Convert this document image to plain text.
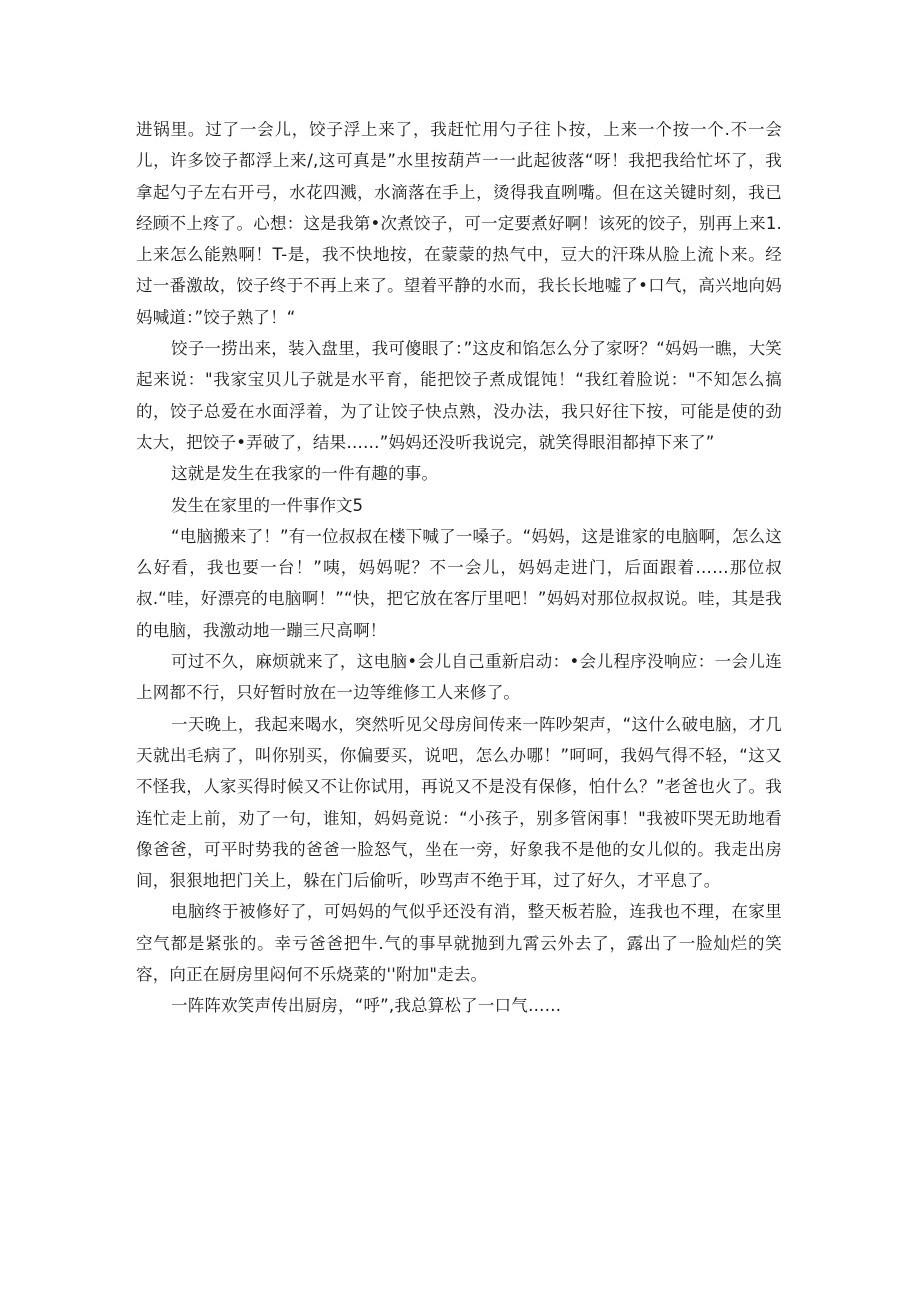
进锅里。过了一会儿，饺子浮上来了，我赶忙用勺子往卜按，上来一个按一个.不一会儿，许多饺子都浮上来/,这可真是”水里按葫芦一一此起彼落“呀！我把我给忙坏了，我拿起勺子左右开弓，水花四溅，水滴落在手上，烫得我直咧嘴。但在这关键时刻，我已经顾不上疼了。心想：这是我第•次煮饺子，可一定要煮好啊！该死的饺子，别再上来1.上来怎么能熟啊！T-是，我不快地按，在蒙蒙的热气中，豆大的汗珠从脸上流卜来。经过一番激故，饺子终于不再上来了。望着平静的水而，我长长地嘘了•口气，高兴地向妈妈喊道：”饺子熟了！“

饺子一捞出来，装入盘里，我可傻眼了：”这皮和馅怎么分了家呀？“妈妈一瞧，大笑起来说："我家宝贝儿子就是水平育，能把饺子煮成馄饨！“我红着脸说："不知怎么搞的，饺子总爱在水面浮着，为了让饺子快点熟，没办法，我只好往下按，可能是使的劲太大，把饺子•弄破了，结果……”妈妈还没听我说完，就笑得眼泪都掉下来了”

这就是发生在我家的一件有趣的事。

发生在家里的一件事作文5

“电脑搬来了！”有一位叔叔在楼下喊了一嗓子。“妈妈，这是谁家的电脑啊，怎么这么好看，我也要一台！”咦，妈妈呢？不一会儿，妈妈走进门，后面跟着……那位叔叔.“哇，好漂亮的电脑啊！”“快，把它放在客厅里吧！”妈妈对那位叔叔说。哇，其是我的电脑，我激动地一蹦三尺高啊！

可过不久，麻烦就来了，这电脑•会儿自己重新启动：•会儿程序没响应：一会儿连上网都不行，只好暂时放在一边等维修工人来修了。

一天晚上，我起来喝水，突然听见父母房间传来一阵吵架声，“这什么破电脑，才几天就出毛病了，叫你别买，你偏要买，说吧，怎么办哪！”呵呵，我妈气得不轻，“这又不怪我，人家买得时候又不让你试用，再说又不是没有保修，怕什么？”老爸也火了。我连忙走上前，劝了一句，谁知，妈妈竟说：“小孩子，别多管闲事！"我被吓哭无助地看像爸爸，可平时势我的爸爸一脸怒气，坐在一旁，好象我不是他的女儿似的。我走出房间，狠狠地把门关上，躲在门后偷听，吵骂声不绝于耳，过了好久，才平息了。

电脑终于被修好了，可妈妈的气似乎还没有消，整天板若脸，连我也不理，在家里空气都是紧张的。幸亏爸爸把牛.气的事早就抛到九霄云外去了，露出了一脸灿烂的笑容，向正在厨房里闷何不乐烧菜的''附加"走去。

一阵阵欢笑声传出厨房，“呼”,我总算松了一口气……
